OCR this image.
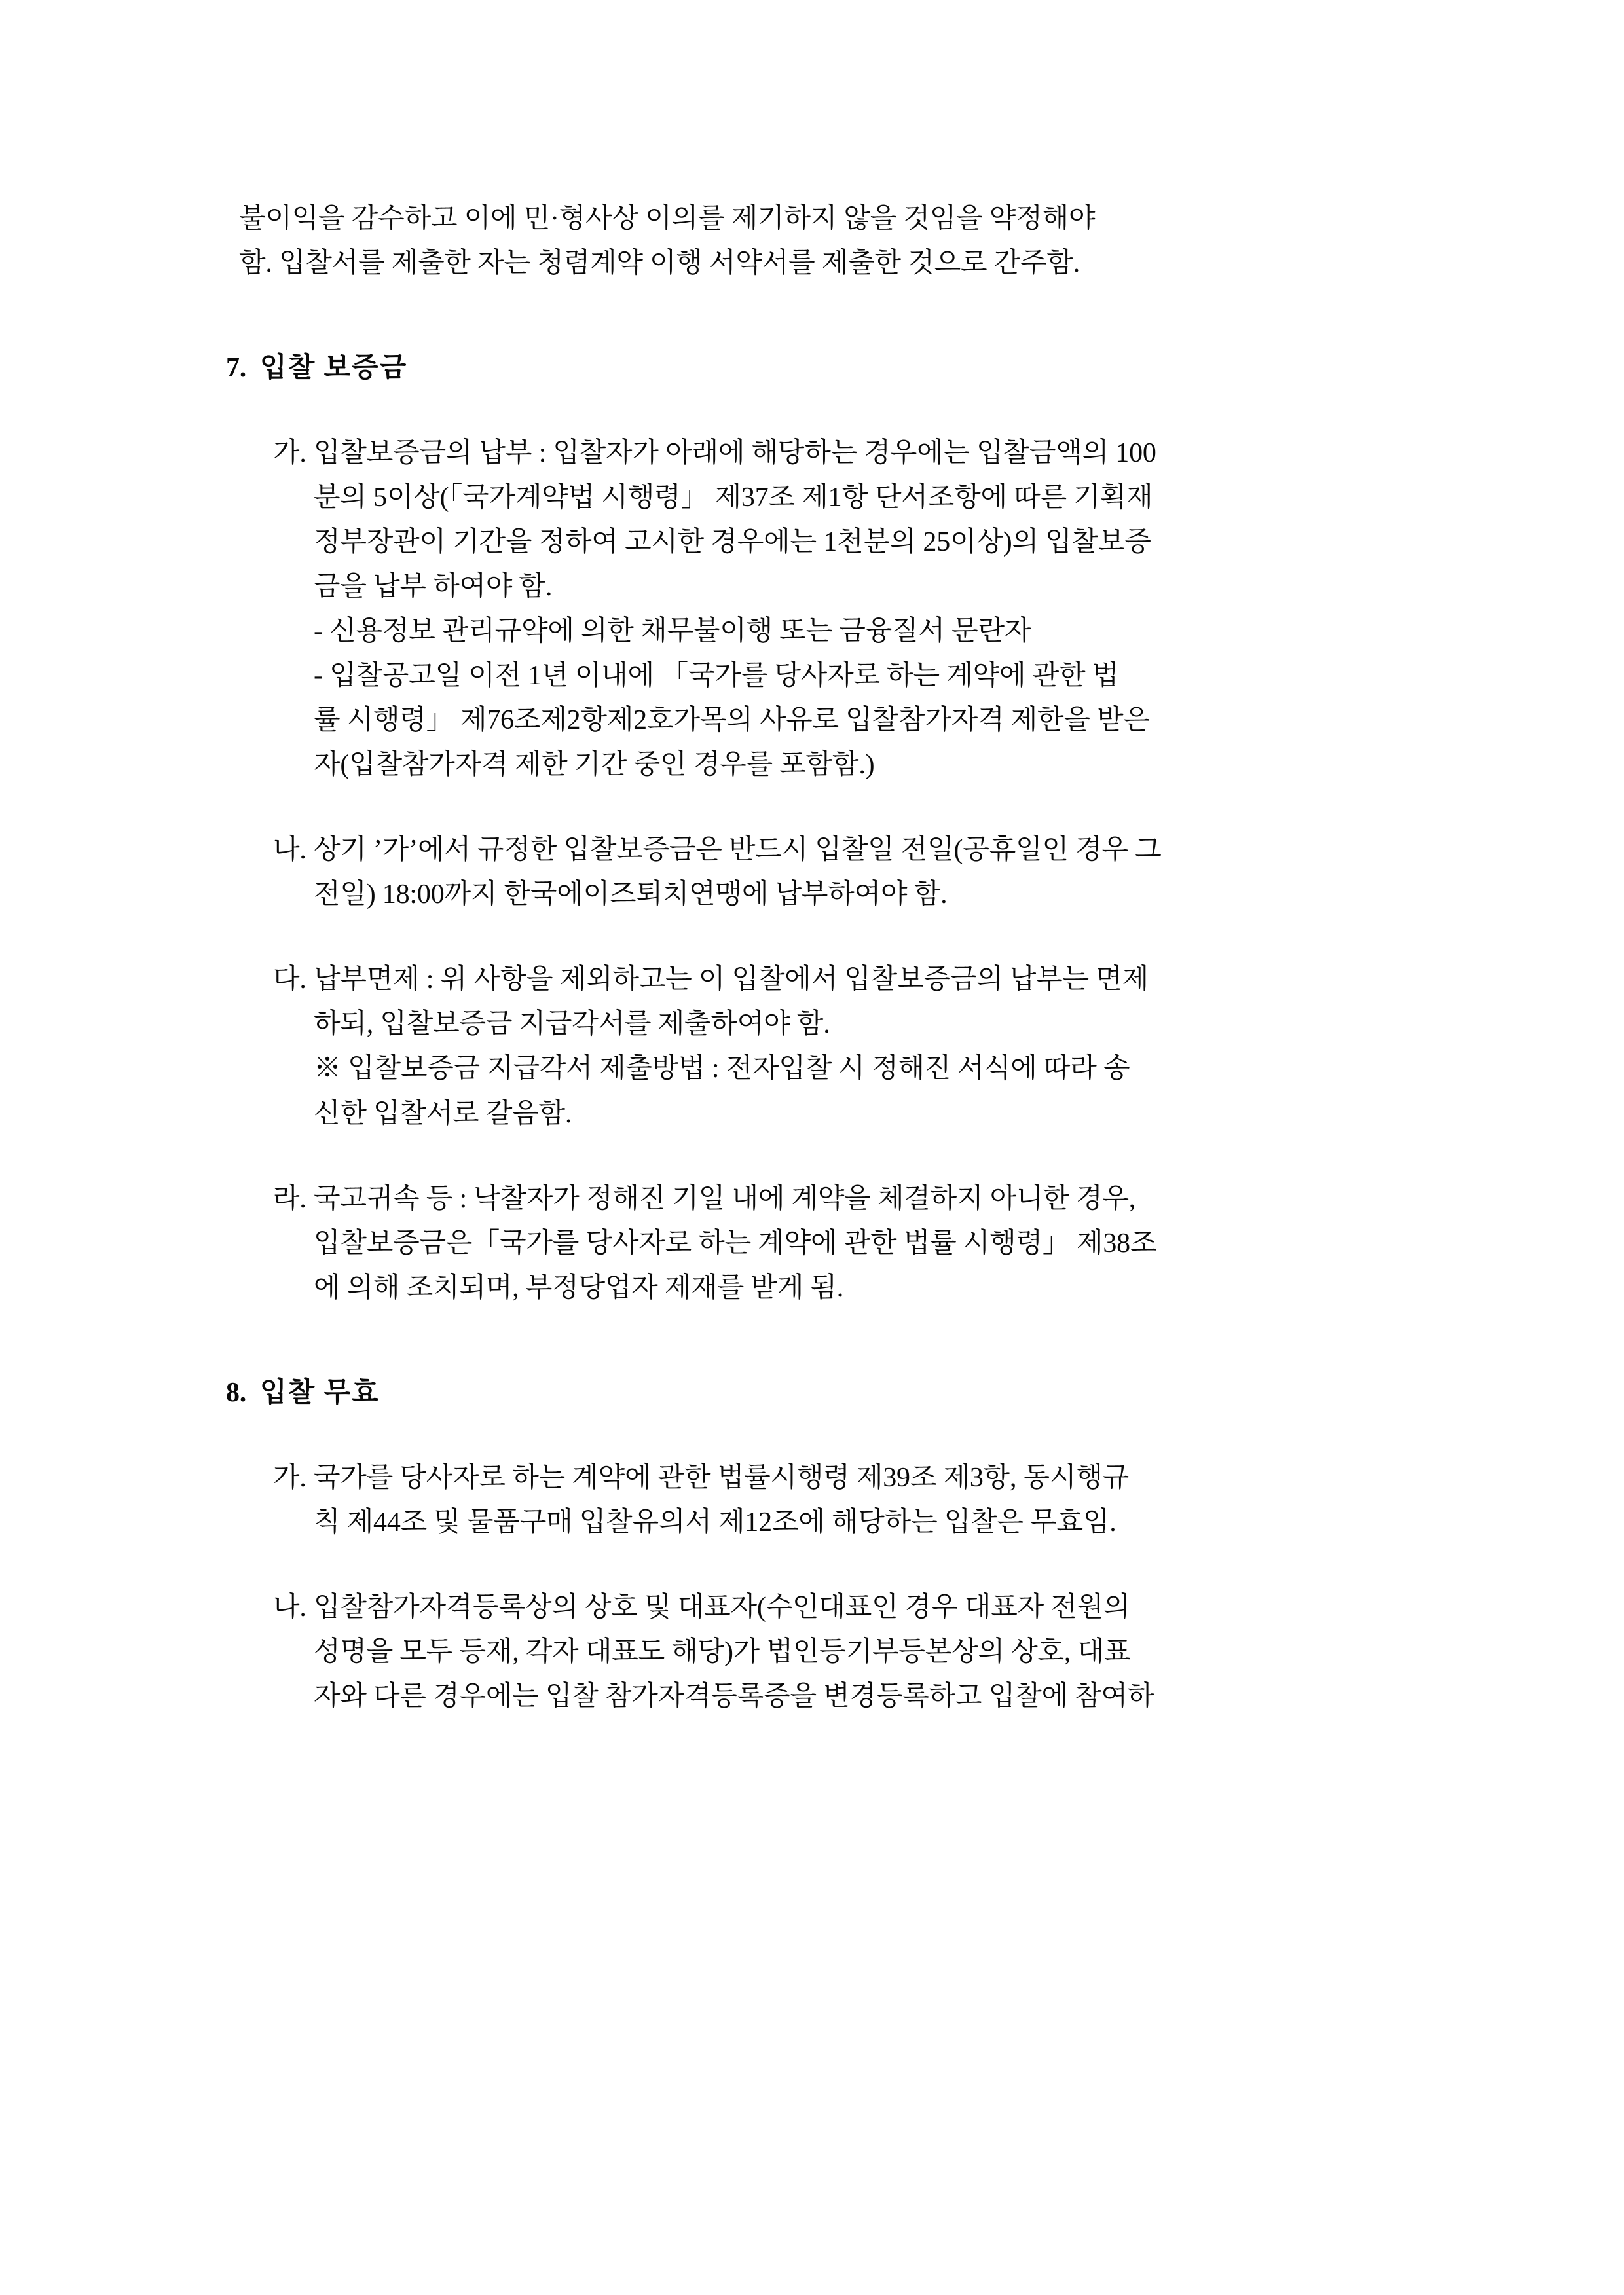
불이익을 감수하고 이에 민·형사상 이의를 제기하지 않을 것임을 약정해야
함. 입찰서를 제출한 자는 청렴계약 이행 서약서를 제출한 것으로 간주함.

7. 입찰 보증금
가. 입찰보증금의 납부 : 입찰자가 아래에 해당하는 경우에는 입찰금액의 100
분의 5이상(「국가계약법 시행령」 제37조 제1항 단서조항에 따른 기획재
정부장관이 기간을 정하여 고시한 경우에는 1천분의 25이상)의 입찰보증
금을 납부 하여야 함.
- 신용정보 관리규약에 의한 채무불이행 또는 금융질서 문란자
- 입찰공고일 이전 1년 이내에 「국가를 당사자로 하는 계약에 관한 법
률 시행령」 제76조제2항제2호가목의 사유로 입찰참가자격 제한을 받은
자(입찰참가자격 제한 기간 중인 경우를 포함함.)
나. 상기 ’가’에서 규정한 입찰보증금은 반드시 입찰일 전일(공휴일인 경우 그
전일) 18:00까지 한국에이즈퇴치연맹에 납부하여야 함.
다. 납부면제 : 위 사항을 제외하고는 이 입찰에서 입찰보증금의 납부는 면제
하되, 입찰보증금 지급각서를 제출하여야 함.
※ 입찰보증금 지급각서 제출방법 : 전자입찰 시 정해진 서식에 따라 송
신한 입찰서로 갈음함.
라. 국고귀속 등 : 낙찰자가 정해진 기일 내에 계약을 체결하지 아니한 경우,
입찰보증금은「국가를 당사자로 하는 계약에 관한 법률 시행령」 제38조
에 의해 조치되며, 부정당업자 제재를 받게 됨.
8. 입찰 무효
가. 국가를 당사자로 하는 계약에 관한 법률시행령 제39조 제3항, 동시행규
칙 제44조 및 물품구매 입찰유의서 제12조에 해당하는 입찰은 무효임.
나. 입찰참가자격등록상의 상호 및 대표자(수인대표인 경우 대표자 전원의
성명을 모두 등재, 각자 대표도 해당)가 법인등기부등본상의 상호, 대표
자와 다른 경우에는 입찰 참가자격등록증을 변경등록하고 입찰에 참여하
